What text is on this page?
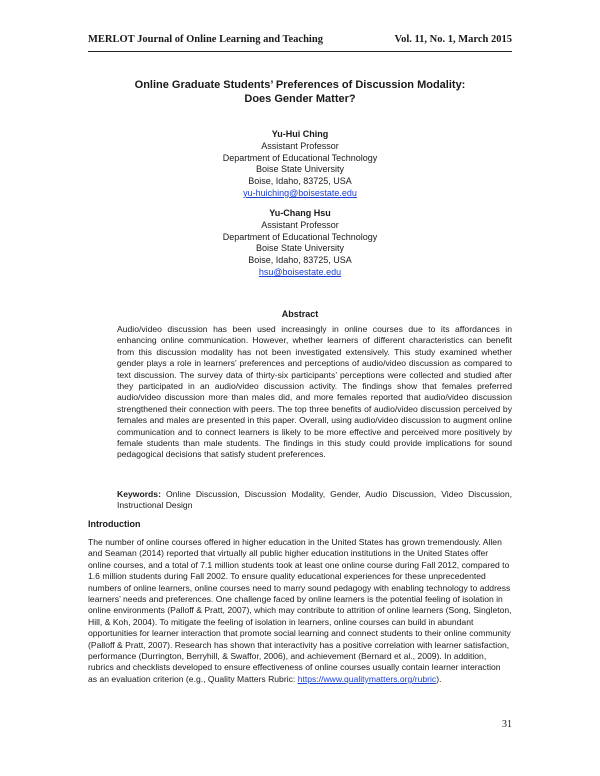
MERLOT Journal of Online Learning and Teaching	Vol. 11, No. 1, March 2015
Online Graduate Students’ Preferences of Discussion Modality:
Does Gender Matter?
Yu-Hui Ching
Assistant Professor
Department of Educational Technology
Boise State University
Boise, Idaho, 83725, USA
yu-huiching@boisestate.edu
Yu-Chang Hsu
Assistant Professor
Department of Educational Technology
Boise State University
Boise, Idaho, 83725, USA
hsu@boisestate.edu
Abstract

Audio/video discussion has been used increasingly in online courses due to its affordances in enhancing online communication. However, whether learners of different characteristics can benefit from this discussion modality has not been investigated extensively. This study examined whether gender plays a role in learners’ preferences and perceptions of audio/video discussion as compared to text discussion. The survey data of thirty-six participants’ perceptions were collected and studied after they participated in an audio/video discussion activity. The findings show that females preferred audio/video discussion more than males did, and more females reported that audio/video discussion strengthened their connection with peers. The top three benefits of audio/video discussion perceived by females and males are presented in this paper. Overall, using audio/video discussion to augment online communication and to connect learners is likely to be more effective and perceived more positively by female students than male students. The findings in this study could provide implications for sound pedagogical decisions that satisfy student preferences.

Keywords: Online Discussion, Discussion Modality, Gender, Audio Discussion, Video Discussion, Instructional Design

Introduction

The number of online courses offered in higher education in the United States has grown tremendously. Allen and Seaman (2014) reported that virtually all public higher education institutions in the United States offer online courses, and a total of 7.1 million students took at least one online course during Fall 2012, compared to 1.6 million students during Fall 2002. To ensure quality educational experiences for these unprecedented numbers of online learners, online courses need to marry sound pedagogy with enabling technology to address learners’ needs and preferences. One challenge faced by online learners is the potential feeling of isolation in online environments (Palloff & Pratt, 2007), which may contribute to attrition of online learners (Song, Singleton, Hill, & Koh, 2004). To mitigate the feeling of isolation in learners, online courses can build in abundant opportunities for learner interaction that promote social learning and connect students to their online community (Palloff & Pratt, 2007). Research has shown that interactivity has a positive correlation with learner satisfaction, performance (Durrington, Berryhill, & Swaffor, 2006), and achievement (Bernard et al., 2009). In addition, rubrics and checklists developed to ensure effectiveness of online courses usually contain learner interaction as an evaluation criterion (e.g., Quality Matters Rubric: https://www.qualitymatters.org/rubric).

31
